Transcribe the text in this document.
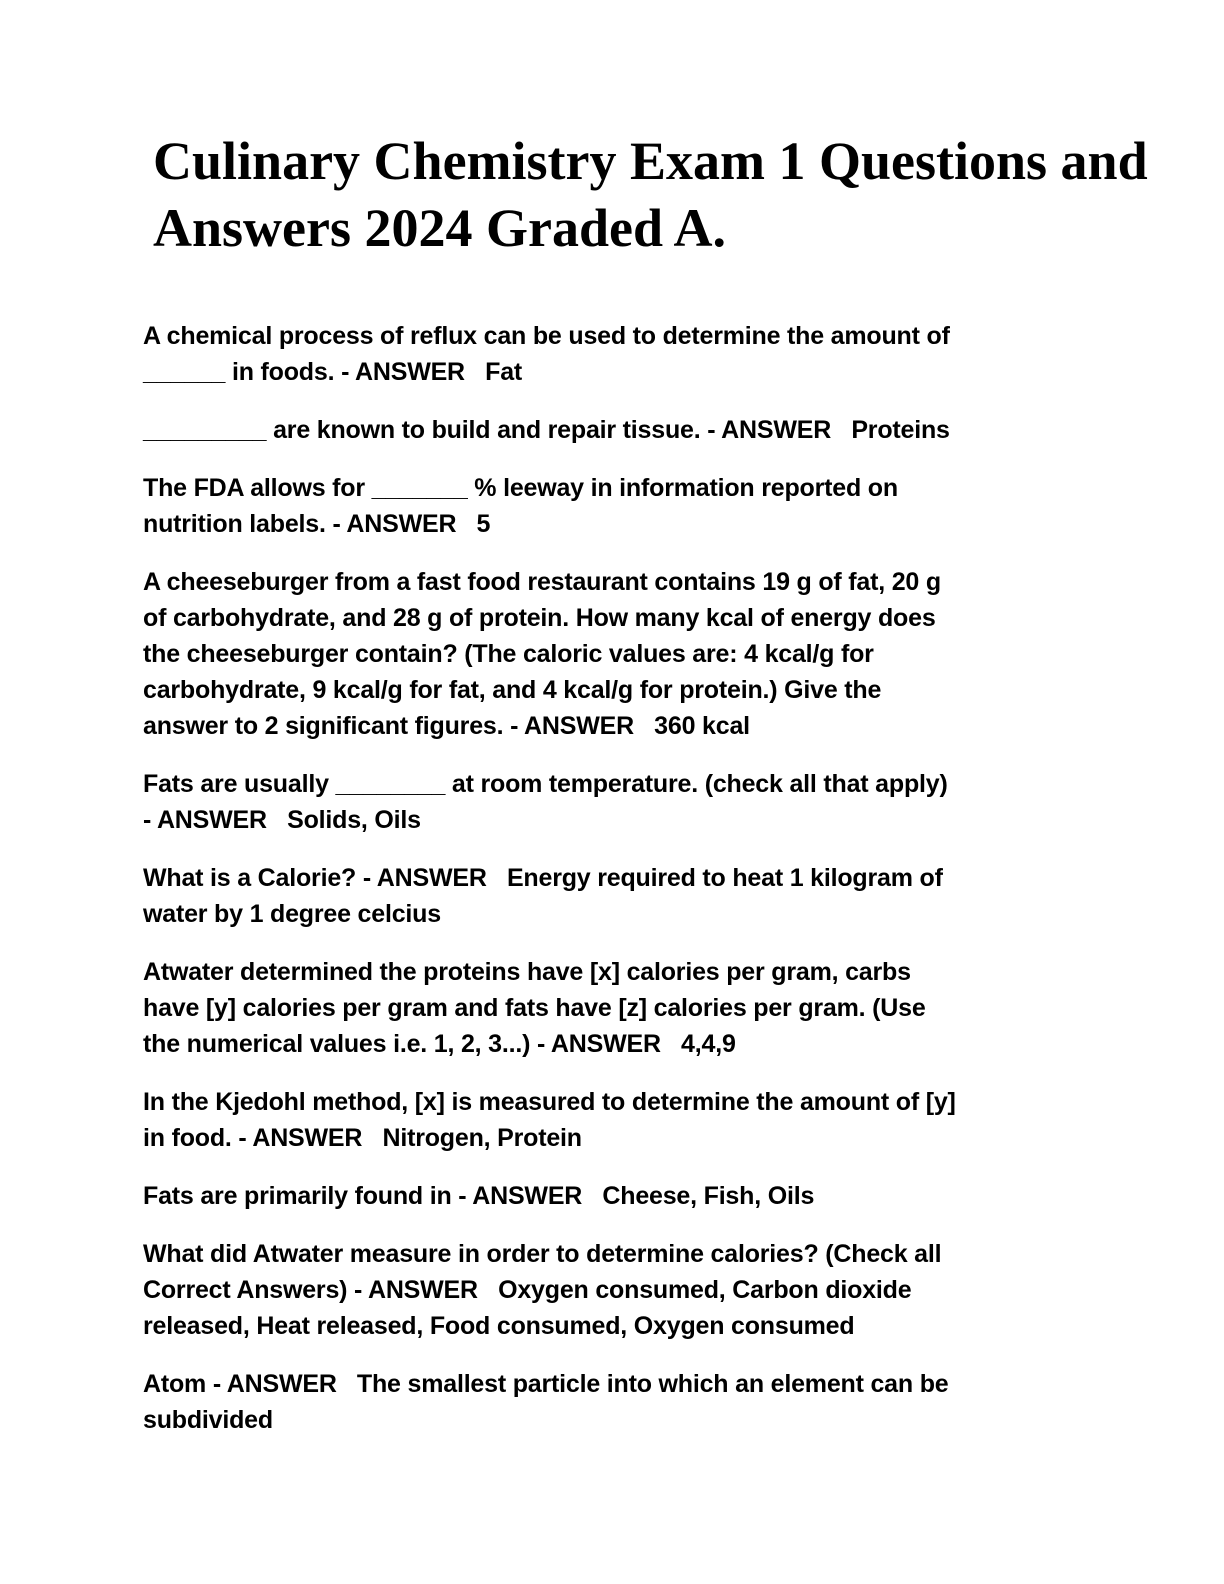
Culinary Chemistry Exam 1 Questions and
Answers 2024 Graded A.
A chemical process of reflux can be used to determine the amount of
______ in foods. - ANSWER   Fat
_________ are known to build and repair tissue. - ANSWER   Proteins
The FDA allows for _______ % leeway in information reported on
nutrition labels. - ANSWER   5
A cheeseburger from a fast food restaurant contains 19 g of fat, 20 g
of carbohydrate, and 28 g of protein. How many kcal of energy does
the cheeseburger contain? (The caloric values are: 4 kcal/g for
carbohydrate, 9 kcal/g for fat, and 4 kcal/g for protein.) Give the
answer to 2 significant figures. - ANSWER   360 kcal
Fats are usually ________ at room temperature. (check all that apply)
- ANSWER   Solids, Oils
What is a Calorie? - ANSWER   Energy required to heat 1 kilogram of
water by 1 degree celcius
Atwater determined the proteins have [x] calories per gram, carbs
have [y] calories per gram and fats have [z] calories per gram. (Use
the numerical values i.e. 1, 2, 3...) - ANSWER   4,4,9
In the Kjedohl method, [x] is measured to determine the amount of [y]
in food. - ANSWER   Nitrogen, Protein
Fats are primarily found in - ANSWER   Cheese, Fish, Oils
What did Atwater measure in order to determine calories? (Check all
Correct Answers) - ANSWER   Oxygen consumed, Carbon dioxide
released, Heat released, Food consumed, Oxygen consumed
Atom - ANSWER   The smallest particle into which an element can be
subdivided
